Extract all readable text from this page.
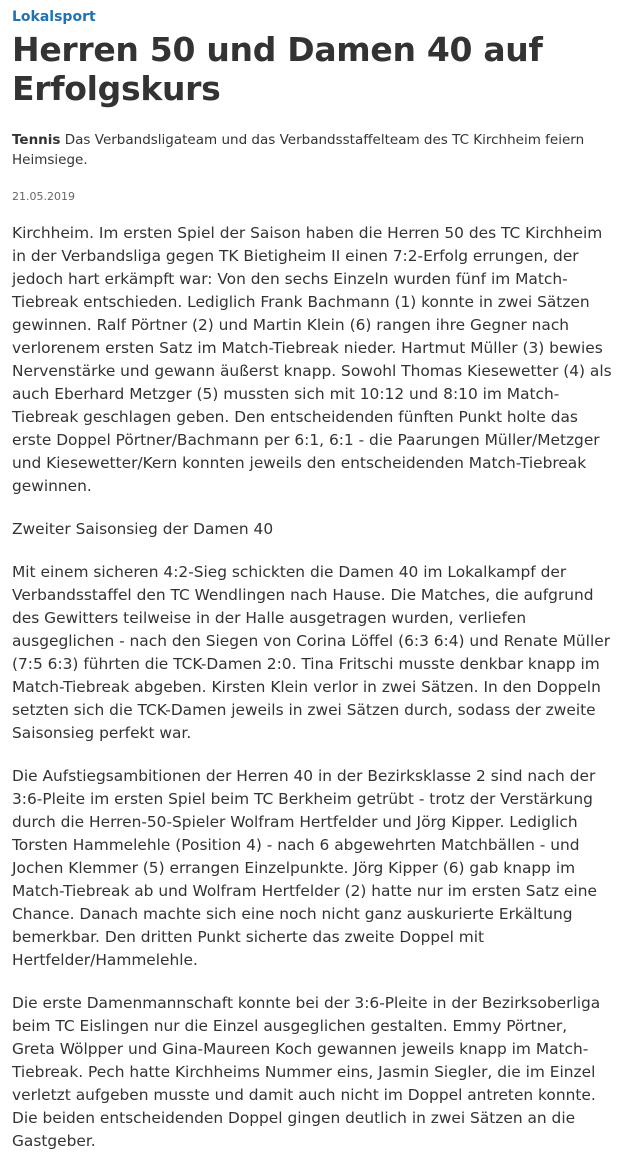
Lokalsport
Herren 50 und Damen 40 auf Erfolgskurs
Tennis Das Verbandsligateam und das Verbandsstaffelteam des TC Kirchheim feiern Heimsiege.
21.05.2019

Kirchheim. Im ersten Spiel der Saison haben die Herren 50 des TC Kirchheim in der Verbandsliga gegen TK Bietigheim II einen 7:2-Erfolg errungen, der jedoch hart erkämpft war: Von den sechs Einzeln wurden fünf im Match-Tiebreak entschieden. Lediglich Frank Bachmann (1) konnte in zwei Sätzen gewinnen. Ralf Pörtner (2) und Martin Klein (6) rangen ihre Gegner nach verlorenem ersten Satz im Match-Tiebreak nieder. Hartmut Müller (3) bewies Nervenstärke und gewann äußerst knapp. Sowohl Thomas Kiesewetter (4) als auch Eberhard Metzger (5) mussten sich mit 10:12 und 8:10 im Match-Tiebreak geschlagen geben. Den entscheidenden fünften Punkt holte das erste Doppel Pörtner/Bachmann per 6:1, 6:1 - die Paarungen Müller/Metzger und Kiesewetter/Kern konnten jeweils den entscheidenden Match-Tiebreak gewinnen.

Zweiter Saisonsieg der Damen 40

Mit einem sicheren 4:2-Sieg schickten die Damen 40 im Lokalkampf der Verbandsstaffel den TC Wendlingen nach Hause. Die Matches, die aufgrund des Gewitters teilweise in der Halle ausgetragen wurden, verliefen ausgeglichen - nach den Siegen von Corina Löffel (6:3 6:4) und Renate Müller (7:5 6:3) führten die TCK-Damen 2:0. Tina Fritschi musste denkbar knapp im Match-Tiebreak abgeben. Kirsten Klein verlor in zwei Sätzen. In den Doppeln setzten sich die TCK-Damen jeweils in zwei Sätzen durch, sodass der zweite Saisonsieg perfekt war.

Die Aufstiegsambitionen der Herren 40 in der Bezirksklasse 2 sind nach der 3:6-Pleite im ersten Spiel beim TC Berkheim getrübt - trotz der Verstärkung durch die Herren-50-Spieler Wolfram Hertfelder und Jörg Kipper. Lediglich Torsten Hammelehle (Position 4) - nach 6 abgewehrten Matchbällen - und Jochen Klemmer (5) errangen Einzelpunkte. Jörg Kipper (6) gab knapp im Match-Tiebreak ab und Wolfram Hertfelder (2) hatte nur im ersten Satz eine Chance. Danach machte sich eine noch nicht ganz auskurierte Erkältung bemerkbar. Den dritten Punkt sicherte das zweite Doppel mit Hertfelder/Hammelehle.

Die erste Damenmannschaft konnte bei der 3:6-Pleite in der Bezirksoberliga beim TC Eislingen nur die Einzel ausgeglichen gestalten. Emmy Pörtner, Greta Wölpper und Gina-Maureen Koch gewannen jeweils knapp im Match-Tiebreak. Pech hatte Kirchheims Nummer eins, Jasmin Siegler, die im Einzel verletzt aufgeben musste und damit auch nicht im Doppel antreten konnte. Die beiden entscheidenden Doppel gingen deutlich in zwei Sätzen an die Gastgeber.
